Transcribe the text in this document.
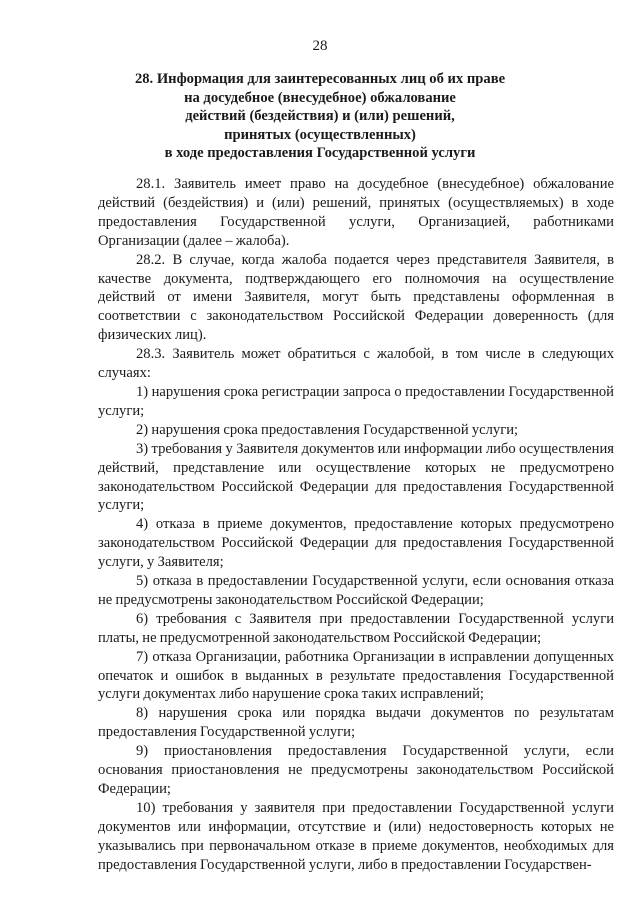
28
28. Информация для заинтересованных лиц об их праве
на досудебное (внесудебное) обжалование
действий (бездействия) и (или) решений,
принятых (осуществленных)
в ходе предоставления Государственной услуги

28.1. Заявитель имеет право на досудебное (внесудебное) обжалование действий (бездействия) и (или) решений, принятых (осуществляемых) в ходе предоставления Государственной услуги, Организацией, работниками Организации (далее – жалоба).

28.2. В случае, когда жалоба подается через представителя Заявителя, в качестве документа, подтверждающего его полномочия на осуществление действий от имени Заявителя, могут быть представлены оформленная в соответствии с законодательством Российской Федерации доверенность (для физических лиц).

28.3. Заявитель может обратиться с жалобой, в том числе в следующих случаях:

1) нарушения срока регистрации запроса о предоставлении Государственной услуги;

2) нарушения срока предоставления Государственной услуги;

3) требования у Заявителя документов или информации либо осуществления действий, представление или осуществление которых не предусмотрено законодательством Российской Федерации для предоставления Государственной услуги;

4) отказа в приеме документов, предоставление которых предусмотрено законодательством Российской Федерации для предоставления Государственной услуги, у Заявителя;

5) отказа в предоставлении Государственной услуги, если основания отказа не предусмотрены законодательством Российской Федерации;

6) требования с Заявителя при предоставлении Государственной услуги платы, не предусмотренной законодательством Российской Федерации;

7) отказа Организации, работника Организации в исправлении допущенных опечаток и ошибок в выданных в результате предоставления Государственной услуги документах либо нарушение срока таких исправлений;

8) нарушения срока или порядка выдачи документов по результатам предоставления Государственной услуги;

9) приостановления предоставления Государственной услуги, если основания приостановления не предусмотрены законодательством Российской Федерации;

10) требования у заявителя при предоставлении Государственной услуги документов или информации, отсутствие и (или) недостоверность которых не указывались при первоначальном отказе в приеме документов, необходимых для предоставления Государственной услуги, либо в предоставлении Государствен-
